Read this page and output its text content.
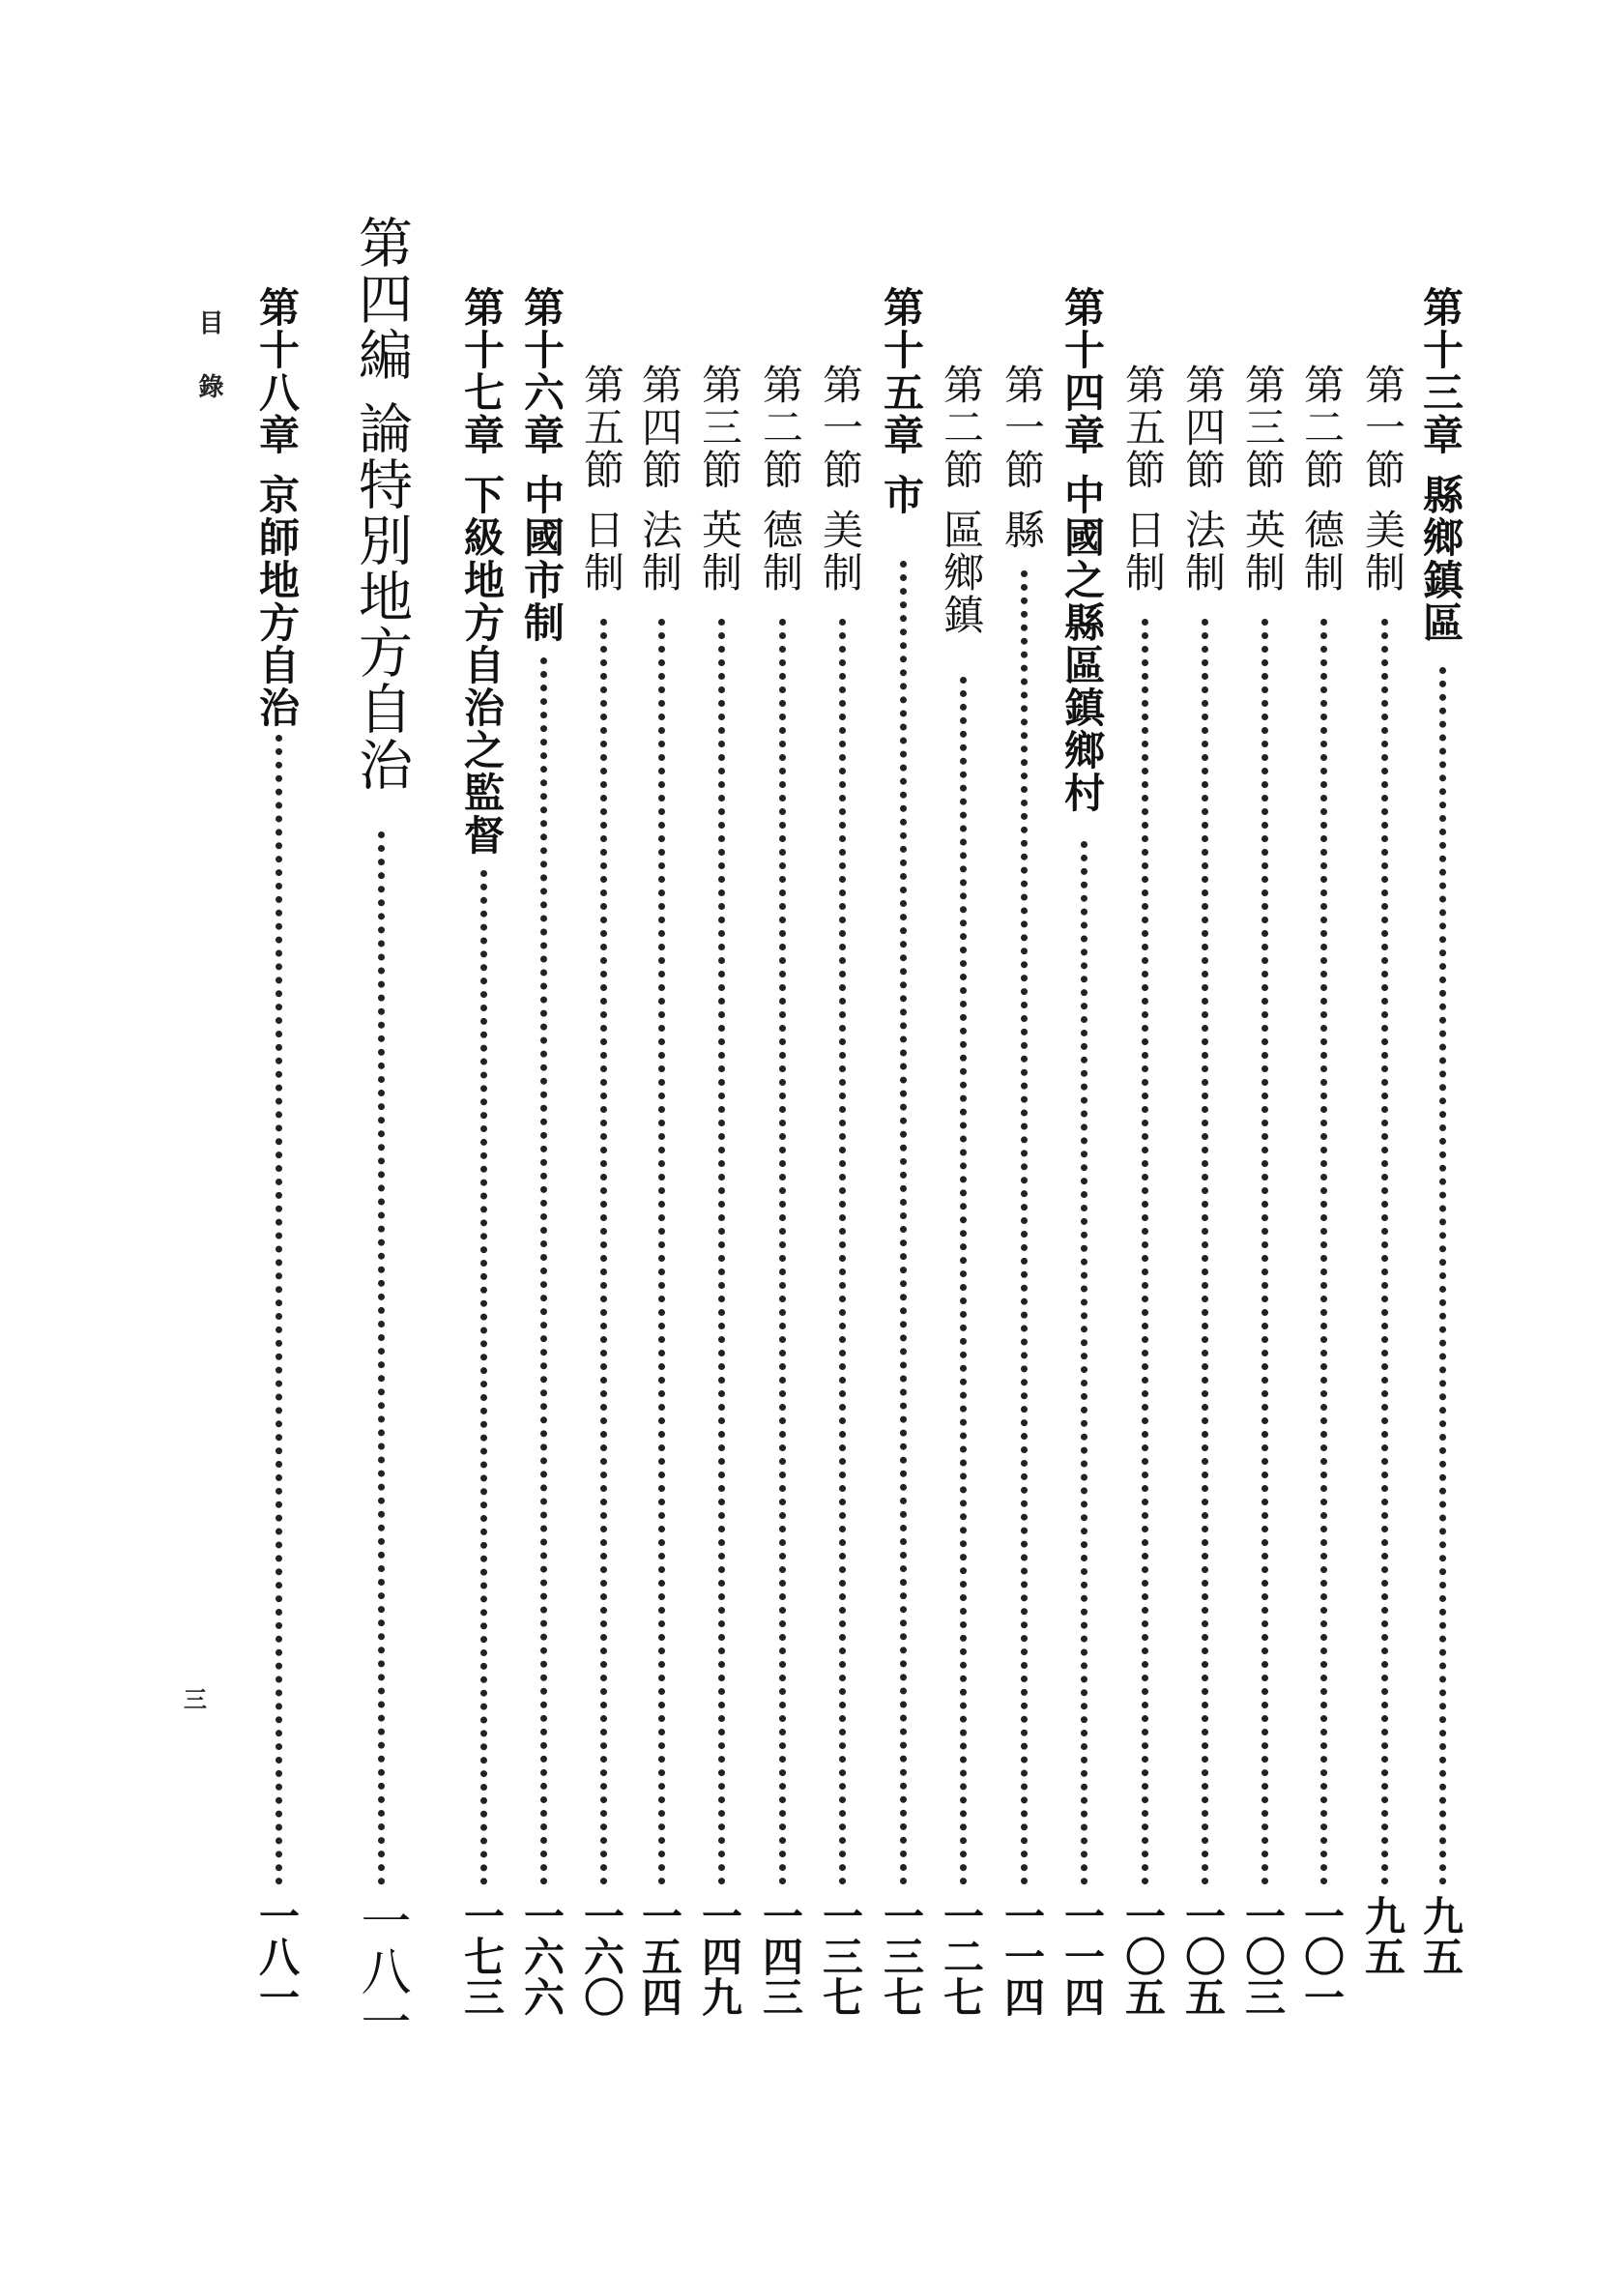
目錄
三
第十三章縣鄉鎮區
九五
第一節美制
九五
第二節德制
一〇一
第三節英制
一〇三
第四節法制
一〇五
第五節日制
一〇五
第十四章中國之縣區鎮鄉村
一一四
第一節縣
一一四
第二節區鄉鎮
一二七
第十五章市
一三七
第一節美制
一三七
第二節德制
一四三
第三節英制
一四九
第四節法制
一五四
第五節日制
一六〇
第十六章中國市制
一六六
第十七章下級地方自治之監督
一七三
第四編論特別地方自治
一八一
第十八章京師地方自治
一八一
